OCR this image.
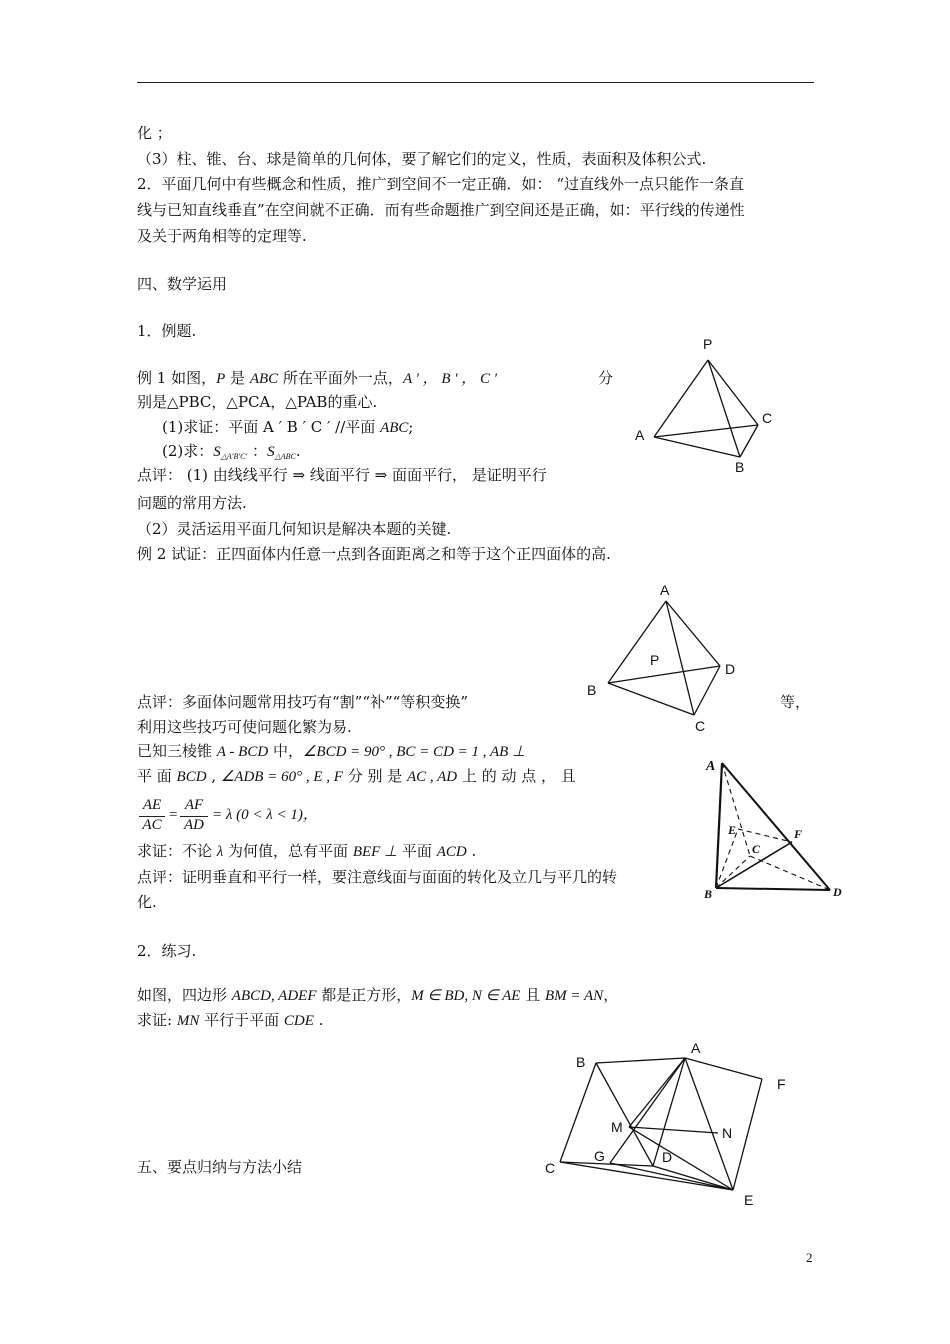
化 ；
（3）柱、锥、台、球是简单的几何体，要了解它们的定义，性质，表面积及体积公式.
2．平面几何中有些概念和性质，推广到空间不一定正确．如： “过直线外一点只能作一条直
线与已知直线垂直”在空间就不正确．而有些命题推广到空间还是正确，如：平行线的传递性
及关于两角相等的定理等.
四、数学运用
1．例题.
例 1 如图，P 是 ABC 所在平面外一点，A ′ ， B ′ ， C ′	分
别是△PBC，△PCA，△PAB的重心.
(1)求证：平面 A ′ B ′ C ′ //平面 ABC;
(2)求：$S_{\triangle A'B'C'}$ ：$S_{\triangle ABC}$.
点评： (1) 由线线平行 ⇒ 线面平行 ⇒ 面面平行， 是证明平行
问题的常用方法.
（2）灵活运用平面几何知识是解决本题的关键.
例 2 试证：正四面体内任意一点到各面距离之和等于这个正四面体的高.
点评：多面体问题常用技巧有“割”“补”“等积变换”	等，
利用这些技巧可使问题化繁为易.
已知三棱锥 A - BCD 中，∠BCD = 90° , BC = CD = 1 , AB ⊥
平 面 BCD , ∠ADB = 60° , E , F 分 别 是 AC , AD 上 的 动 点 ， 且
AE
AC
=
AF
AD
= λ (0 < λ < 1)，
求证：不论 λ 为何值，总有平面 BEF ⊥ 平面 ACD .
点评：证明垂直和平行一样，要注意线面与面面的转化及立几与平几的转
化.
2．练习.
如图，四边形 ABCD, ADEF 都是正方形，M ∈ BD, N ∈ AE 且 BM = AN，
求证: MN 平行于平面 CDE .
五、要点归纳与方法小结
2
P
A
C
B
A
B
D
C
P
A
E	F
C
B	D
A
B
F
M	N
G	D
C
E
